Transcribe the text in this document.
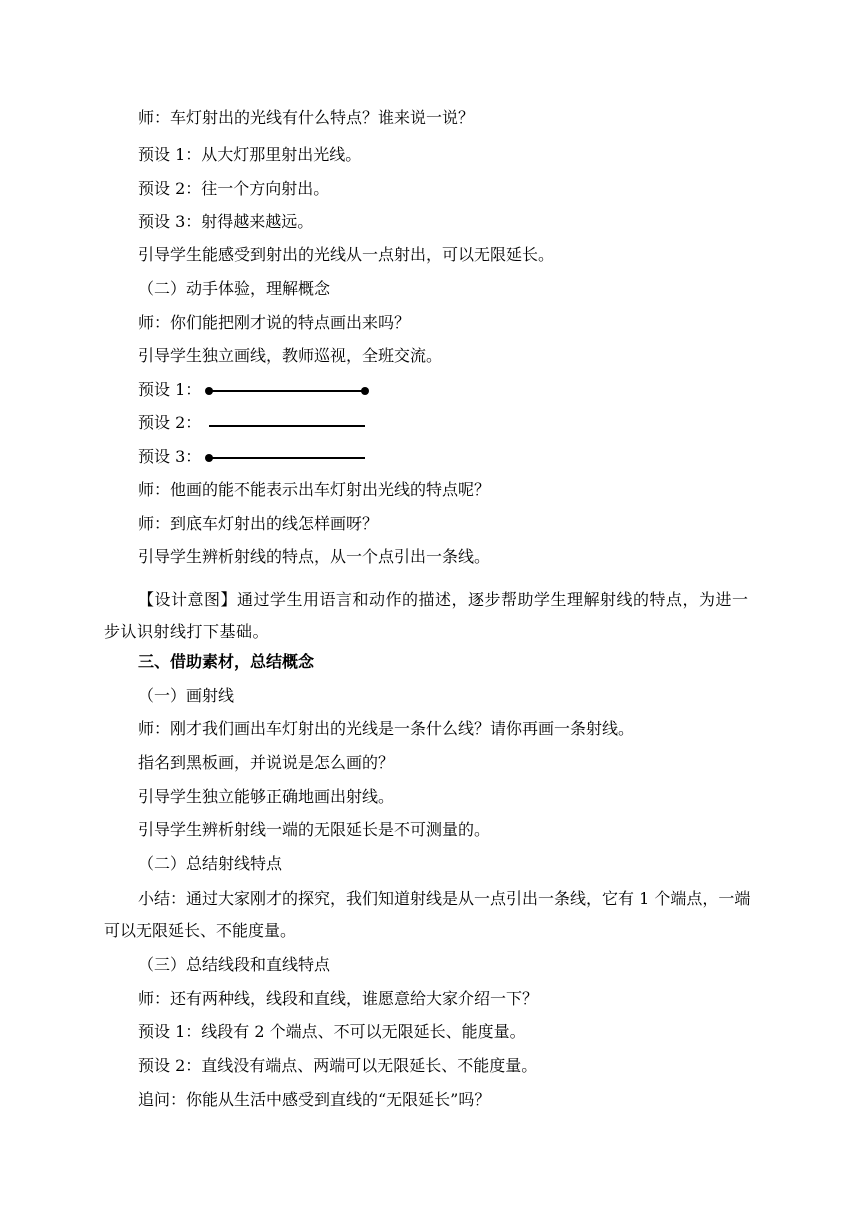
师：车灯射出的光线有什么特点？谁来说一说？
预设 1：从大灯那里射出光线。
预设 2：往一个方向射出。
预设 3：射得越来越远。
引导学生能感受到射出的光线从一点射出，可以无限延长。
（二）动手体验，理解概念
师：你们能把刚才说的特点画出来吗？
引导学生独立画线，教师巡视，全班交流。
预设 1：
预设 2：
预设 3：
师：他画的能不能表示出车灯射出光线的特点呢？
师：到底车灯射出的线怎样画呀？
引导学生辨析射线的特点，从一个点引出一条线。
【设计意图】通过学生用语言和动作的描述，逐步帮助学生理解射线的特点，为进一步认识射线打下基础。
三、借助素材，总结概念
（一）画射线
师：刚才我们画出车灯射出的光线是一条什么线？请你再画一条射线。
指名到黑板画，并说说是怎么画的？
引导学生独立能够正确地画出射线。
引导学生辨析射线一端的无限延长是不可测量的。
（二）总结射线特点
小结：通过大家刚才的探究，我们知道射线是从一点引出一条线，它有 1 个端点，一端可以无限延长、不能度量。
（三）总结线段和直线特点
师：还有两种线，线段和直线，谁愿意给大家介绍一下？
预设 1：线段有 2 个端点、不可以无限延长、能度量。
预设 2：直线没有端点、两端可以无限延长、不能度量。
追问：你能从生活中感受到直线的“无限延长”吗？
